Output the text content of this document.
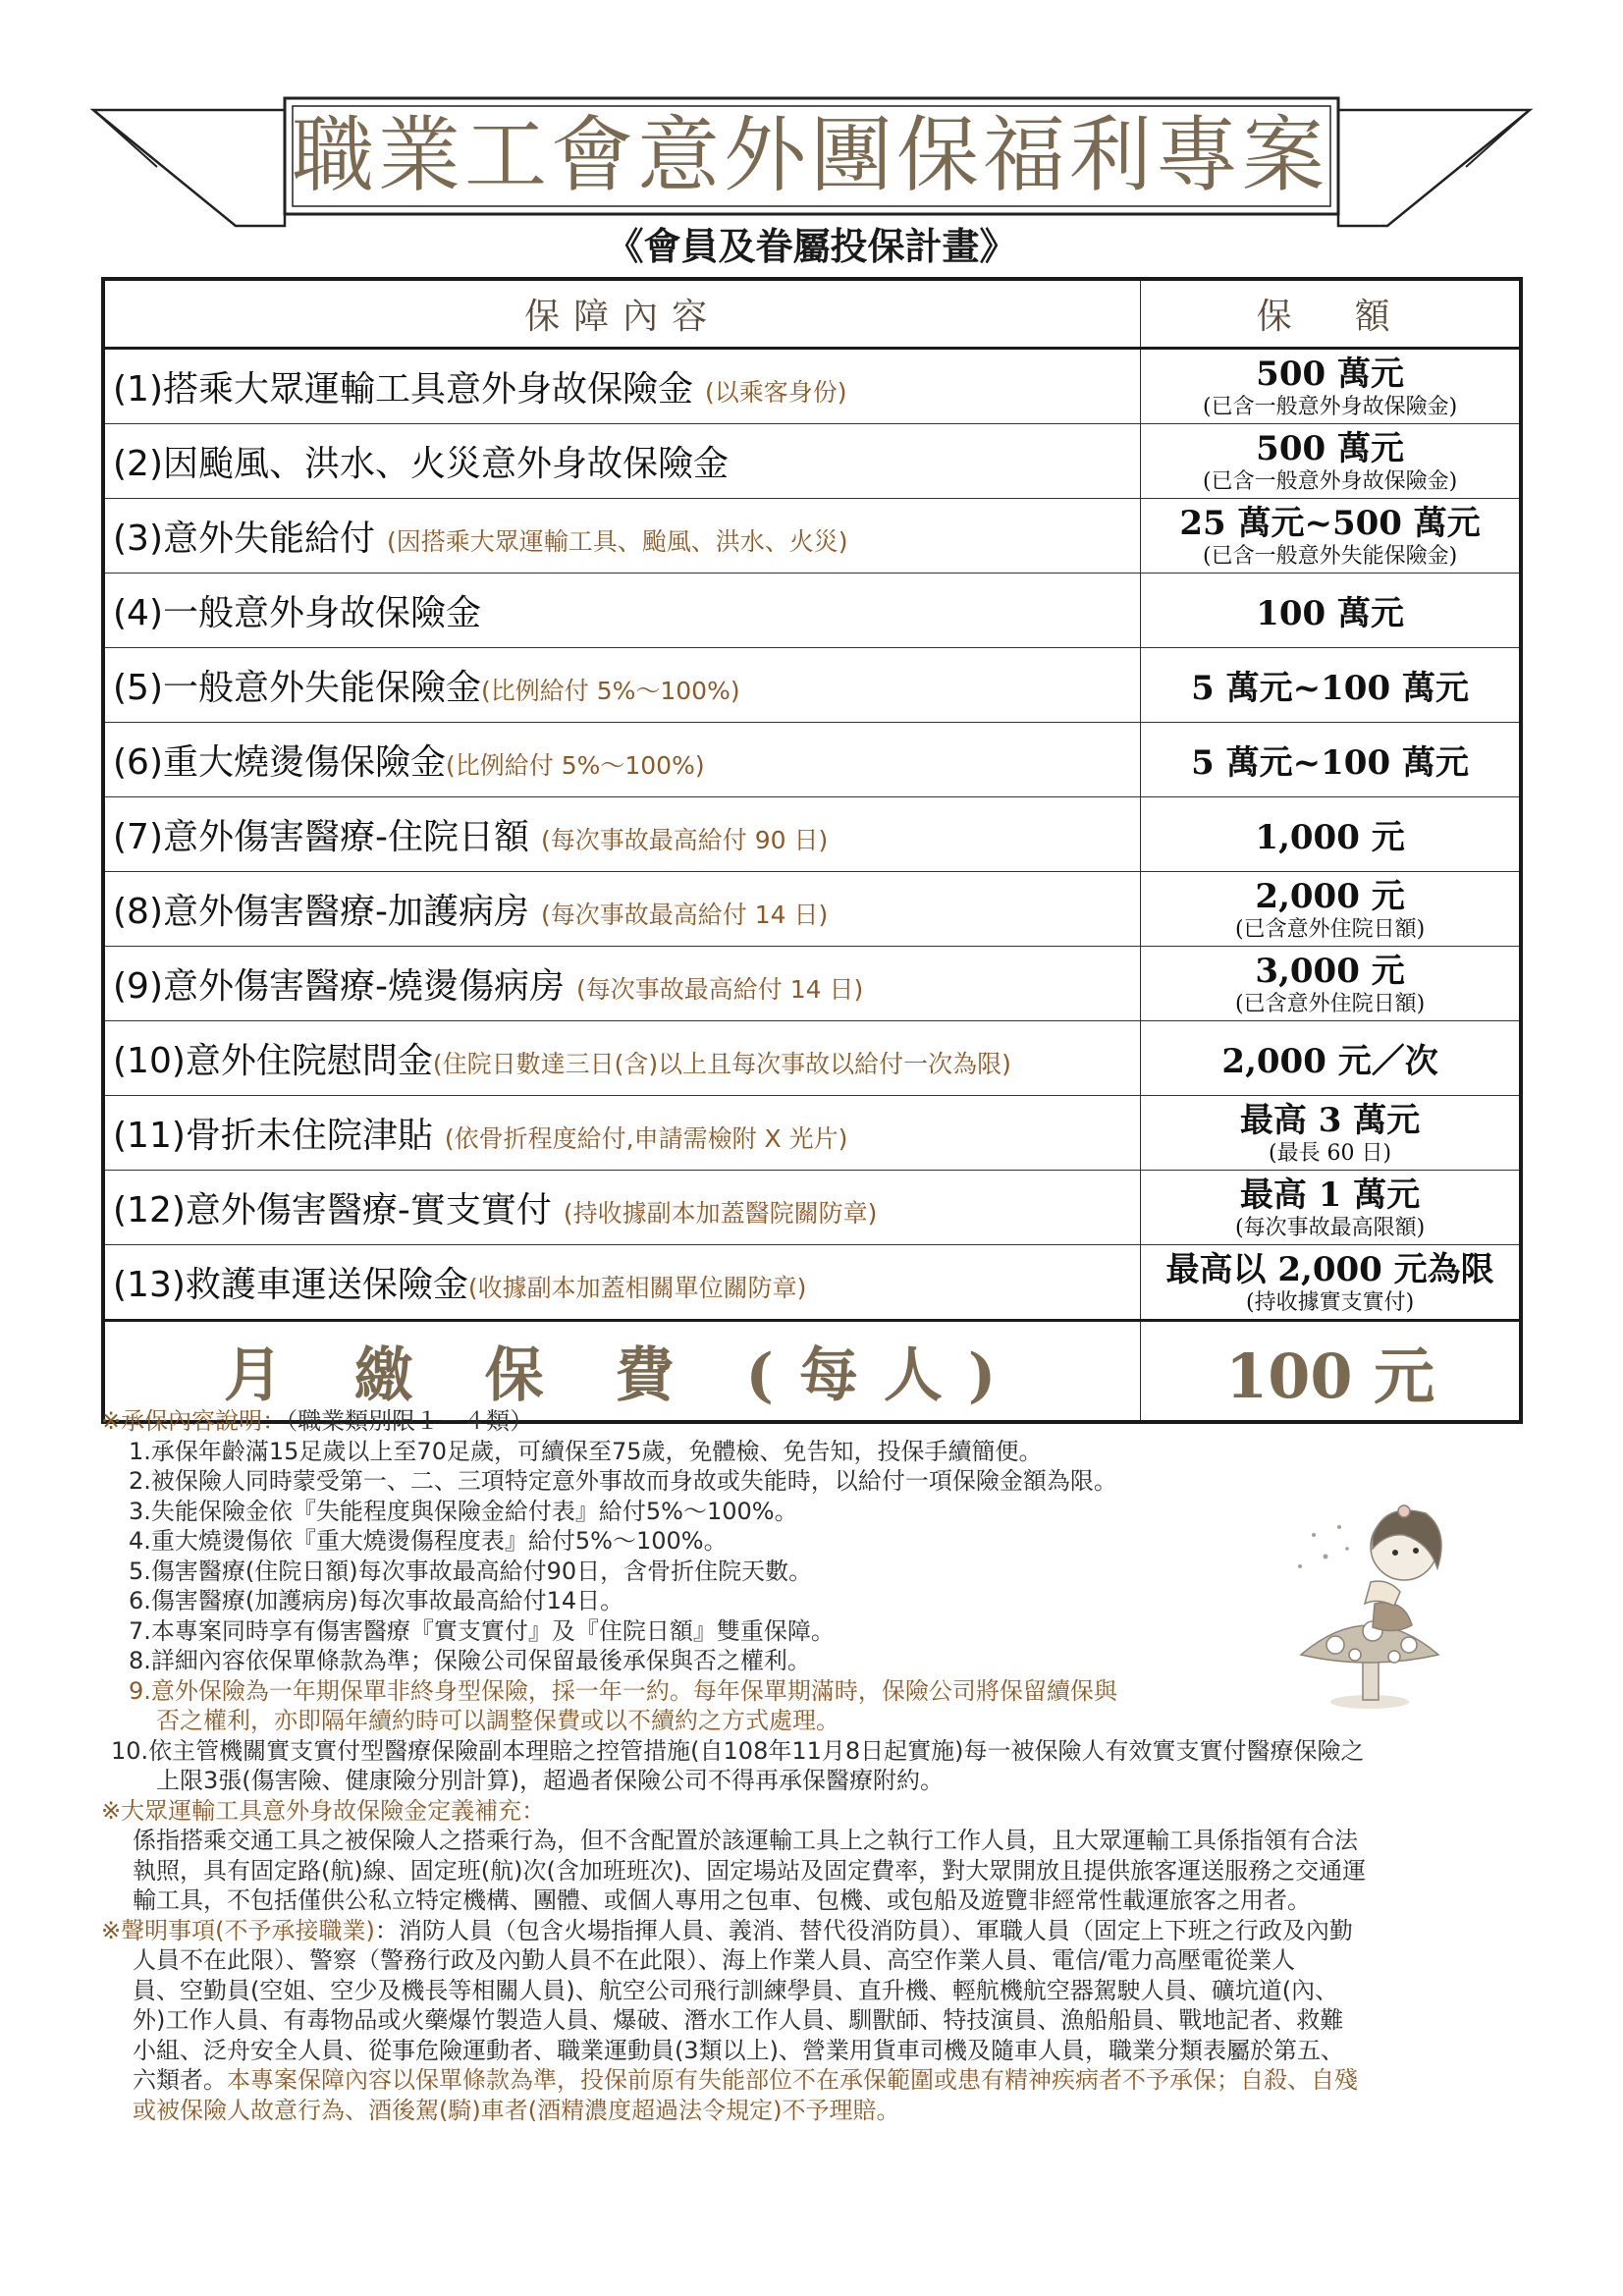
職業工會意外團保福利專案
《會員及眷屬投保計畫》
保障內容	保　額
(1)搭乘大眾運輸工具意外身故保險金 (以乘客身份)	500 萬元
(已含一般意外身故保險金)

(2)因颱風、洪水、火災意外身故保險金	500 萬元
(已含一般意外身故保險金)

(3)意外失能給付 (因搭乘大眾運輸工具、颱風、洪水、火災)	25 萬元~500 萬元
(已含一般意外失能保險金)

(4)一般意外身故保險金	100 萬元
(5)一般意外失能保險金(比例給付 5%～100%)	5 萬元~100 萬元
(6)重大燒燙傷保險金(比例給付 5%～100%)	5 萬元~100 萬元
(7)意外傷害醫療-住院日額 (每次事故最高給付 90 日)	1,000 元
(8)意外傷害醫療-加護病房 (每次事故最高給付 14 日)	2,000 元
(已含意外住院日額)

(9)意外傷害醫療-燒燙傷病房 (每次事故最高給付 14 日)	3,000 元
(已含意外住院日額)

(10)意外住院慰問金(住院日數達三日(含)以上且每次事故以給付一次為限)	2,000 元／次
(11)骨折未住院津貼 (依骨折程度給付,申請需檢附 X 光片)	最高 3 萬元
(最長 60 日)

(12)意外傷害醫療-實支實付 (持收據副本加蓋醫院關防章)	最高 1 萬元
(每次事故最高限額)

(13)救護車運送保險金(收據副本加蓋相關單位關防章)	最高以 2,000 元為限
(持收據實支實付)

月 繳 保 費 (每人)	100 元
※承保內容說明：（職業類別限１－４類）
1.承保年齡滿15足歲以上至70足歲，可續保至75歲，免體檢、免告知，投保手續簡便。
2.被保險人同時蒙受第一、二、三項特定意外事故而身故或失能時，以給付一項保險金額為限。
3.失能保險金依『失能程度與保險金給付表』給付5%～100%。
4.重大燒燙傷依『重大燒燙傷程度表』給付5%～100%。
5.傷害醫療(住院日額)每次事故最高給付90日，含骨折住院天數。
6.傷害醫療(加護病房)每次事故最高給付14日。
7.本專案同時享有傷害醫療『實支實付』及『住院日額』雙重保障。
8.詳細內容依保單條款為準；保險公司保留最後承保與否之權利。
9.意外保險為一年期保單非終身型保險，採一年一約。每年保單期滿時，保險公司將保留續保與
否之權利，亦即隔年續約時可以調整保費或以不續約之方式處理。
10.依主管機關實支實付型醫療保險副本理賠之控管措施(自108年11月8日起實施)每一被保險人有效實支實付醫療保險之
上限3張(傷害險、健康險分別計算)，超過者保險公司不得再承保醫療附約。
※大眾運輸工具意外身故保險金定義補充：
係指搭乘交通工具之被保險人之搭乘行為，但不含配置於該運輸工具上之執行工作人員，且大眾運輸工具係指領有合法
執照，具有固定路(航)線、固定班(航)次(含加班班次)、固定場站及固定費率，對大眾開放且提供旅客運送服務之交通運
輸工具，不包括僅供公私立特定機構、團體、或個人專用之包車、包機、或包船及遊覽非經常性載運旅客之用者。
※聲明事項(不予承接職業)：消防人員（包含火場指揮人員、義消、替代役消防員）、軍職人員（固定上下班之行政及內勤
人員不在此限）、警察（警務行政及內勤人員不在此限）、海上作業人員、高空作業人員、電信/電力高壓電從業人
員、空勤員(空姐、空少及機長等相關人員)、航空公司飛行訓練學員、直升機、輕航機航空器駕駛人員、礦坑道(內、
外)工作人員、有毒物品或火藥爆竹製造人員、爆破、潛水工作人員、馴獸師、特技演員、漁船船員、戰地記者、救難
小組、泛舟安全人員、從事危險運動者、職業運動員(3類以上)、營業用貨車司機及隨車人員，職業分類表屬於第五、
六類者。本專案保障內容以保單條款為準，投保前原有失能部位不在承保範圍或患有精神疾病者不予承保；自殺、自殘
或被保險人故意行為、酒後駕(騎)車者(酒精濃度超過法令規定)不予理賠。
